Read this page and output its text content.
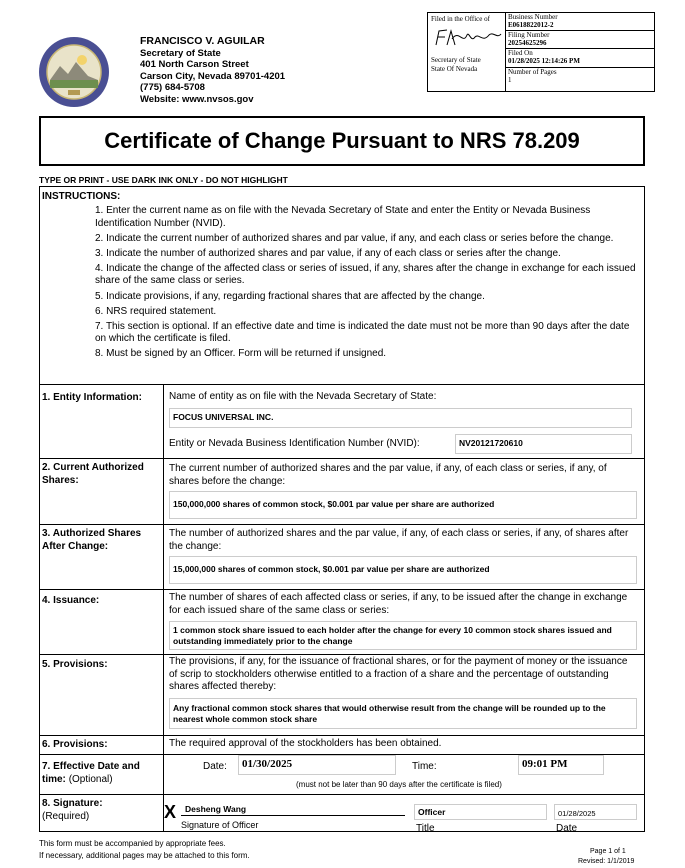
FRANCISCO V. AGUILAR
Secretary of State
401 North Carson Street
Carson City, Nevada 89701-4201
(775) 684-5708
Website: www.nvsos.gov
Filed in the Office of
Secretary of State
State Of Nevada
Business Number
E0618822012-2
Filing Number
20254625296
Filed On
01/28/2025 12:14:26 PM
Number of Pages
1
Certificate of Change Pursuant to NRS 78.209
TYPE OR PRINT - USE DARK INK ONLY - DO NOT HIGHLIGHT
INSTRUCTIONS:
1. Enter the current name as on file with the Nevada Secretary of State and enter the Entity or Nevada Business Identification Number (NVID).
2. Indicate the current number of authorized shares and par value, if any, and each class or series before the change.
3. Indicate the number of authorized shares and par value, if any of each class or series after the change.
4. Indicate the change of the affected class or series of issued, if any, shares after the change in exchange for each issued share of the same class or series.
5. Indicate provisions, if any, regarding fractional shares that are affected by the change.
6. NRS required statement.
7. This section is optional. If an effective date and time is indicated the date must not be more than 90 days after the date on which the certificate is filed.
8. Must be signed by an Officer. Form will be returned if unsigned.
1. Entity Information:	Name of entity as on file with the Nevada Secretary of State:
FOCUS UNIVERSAL INC.
Entity or Nevada Business Identification Number (NVID):	NV20121720610
2. Current Authorized Shares:
The current number of authorized shares and the par value, if any, of each class or series, if any, of shares before the change:
150,000,000 shares of common stock, $0.001 par value per share are authorized
3. Authorized Shares After Change:
The number of authorized shares and the par value, if any, of each class or series, if any, of shares after the change:
15,000,000 shares of common stock, $0.001 par value per share are authorized
4. Issuance:	The number of shares of each affected class or series, if any, to be issued after the change in exchange for each issued share of the same class or series:
1 common stock share issued to each holder after the change for every 10 common stock shares issued and outstanding immediately prior to the change
5. Provisions:	The provisions, if any, for the issuance of fractional shares, or for the payment of money or the issuance of scrip to stockholders otherwise entitled to a fraction of a share and the percentage of outstanding shares affected thereby:
Any fractional common stock shares that would otherwise result from the change will be rounded up to the nearest whole common stock share
6. Provisions:	The required approval of the stockholders has been obtained.
7. Effective Date and time: (Optional)
Date:	01/30/2025	Time:	09:01 PM
(must not be later than 90 days after the certificate is filed)
8. Signature:
(Required)	X	Desheng Wang
Signature of Officer
Officer
Title
01/28/2025
Date
This form must be accompanied by appropriate fees.
If necessary, additional pages may be attached to this form.	Page 1 of 1
Revised: 1/1/2019
